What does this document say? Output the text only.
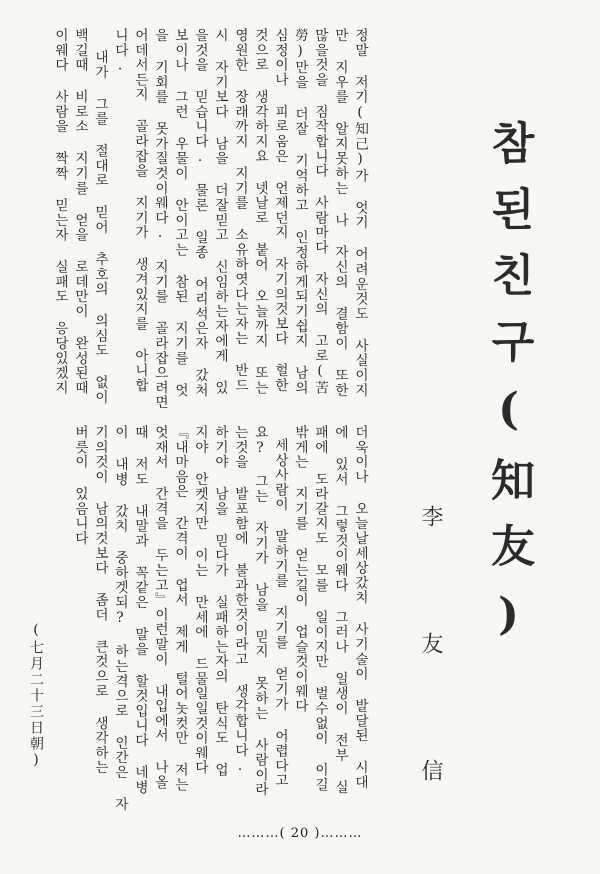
참된친구(知友)
李 友 信
정말 저기(知己)가 엇기 어려운것도 사실이지
만 지우를 알지못하는 나 자신의 결함이 또한
많을것을 짐작합니다 사람마다 자신의 고로(苦
勞)만을 더잘 기억하고 인정하게되기쉽지 남의
심정이나 피로움은 언제던지 자기의것보다 헐한
것으로 생각하지요 넷날로 붙어 오늘까지 또는
영원한 장래까지 지기를 소유하엿다는자는 반드
시 자기보다 남을 더잘믿고 신임하는자에게 있
을것을 믿습니다. 물론 일종 어리석은자 갔처
보이나 그런 우물이 안이고는 참된 지기를 엇
을 기회를 못가질것이웨다. 지기를 골라잡으려면
어데서든지 골라잡을 지기가 생겨있지를 아니합
니다.
내가 그를 절대로 믿어 추호의 의심도 없이
백길때 비로소 지기를 얻을 로데만이 완성된때
이웨다 사람을 짝짝 믿는자 실패도 응당있겠지
더욱이나 오늘날세상갔치 사기술이 발달된 시대
에 있서 그렇것이웨다 그러나 일생이 전부 실
패에 도라갈지도 모를 일이지만 벌수없이 이길
밖게는 지기를 얻는길이 업슬것이웨다
세상사람이 말하기를 지기를 얻기가 어렵다고
요? 그는 자기가 남을 믿지 못하는 사람이라
는것을 발포함에 불과한것이라고 생각합니다.
하기야 남을 믿다가 실패하는자의 탄식도 업
지야 안켓지만 이는 만세에 드물일일것이웨다
『내마음은 간격이 업서 제게 털어놋컷만 저는
엇재서 간격을 두는고』이런말이 내입에서 나올
때 저도 내말과 꼭같은 말을 할것입니다 네병
이 내병 갔치 중하겟되? 하는격으로 인간은 자
기의것이 남의것보다 좀더 큰것으로 생각하는
버릇이 있음니다
(七月二十三日朝)
………( 20 )………
